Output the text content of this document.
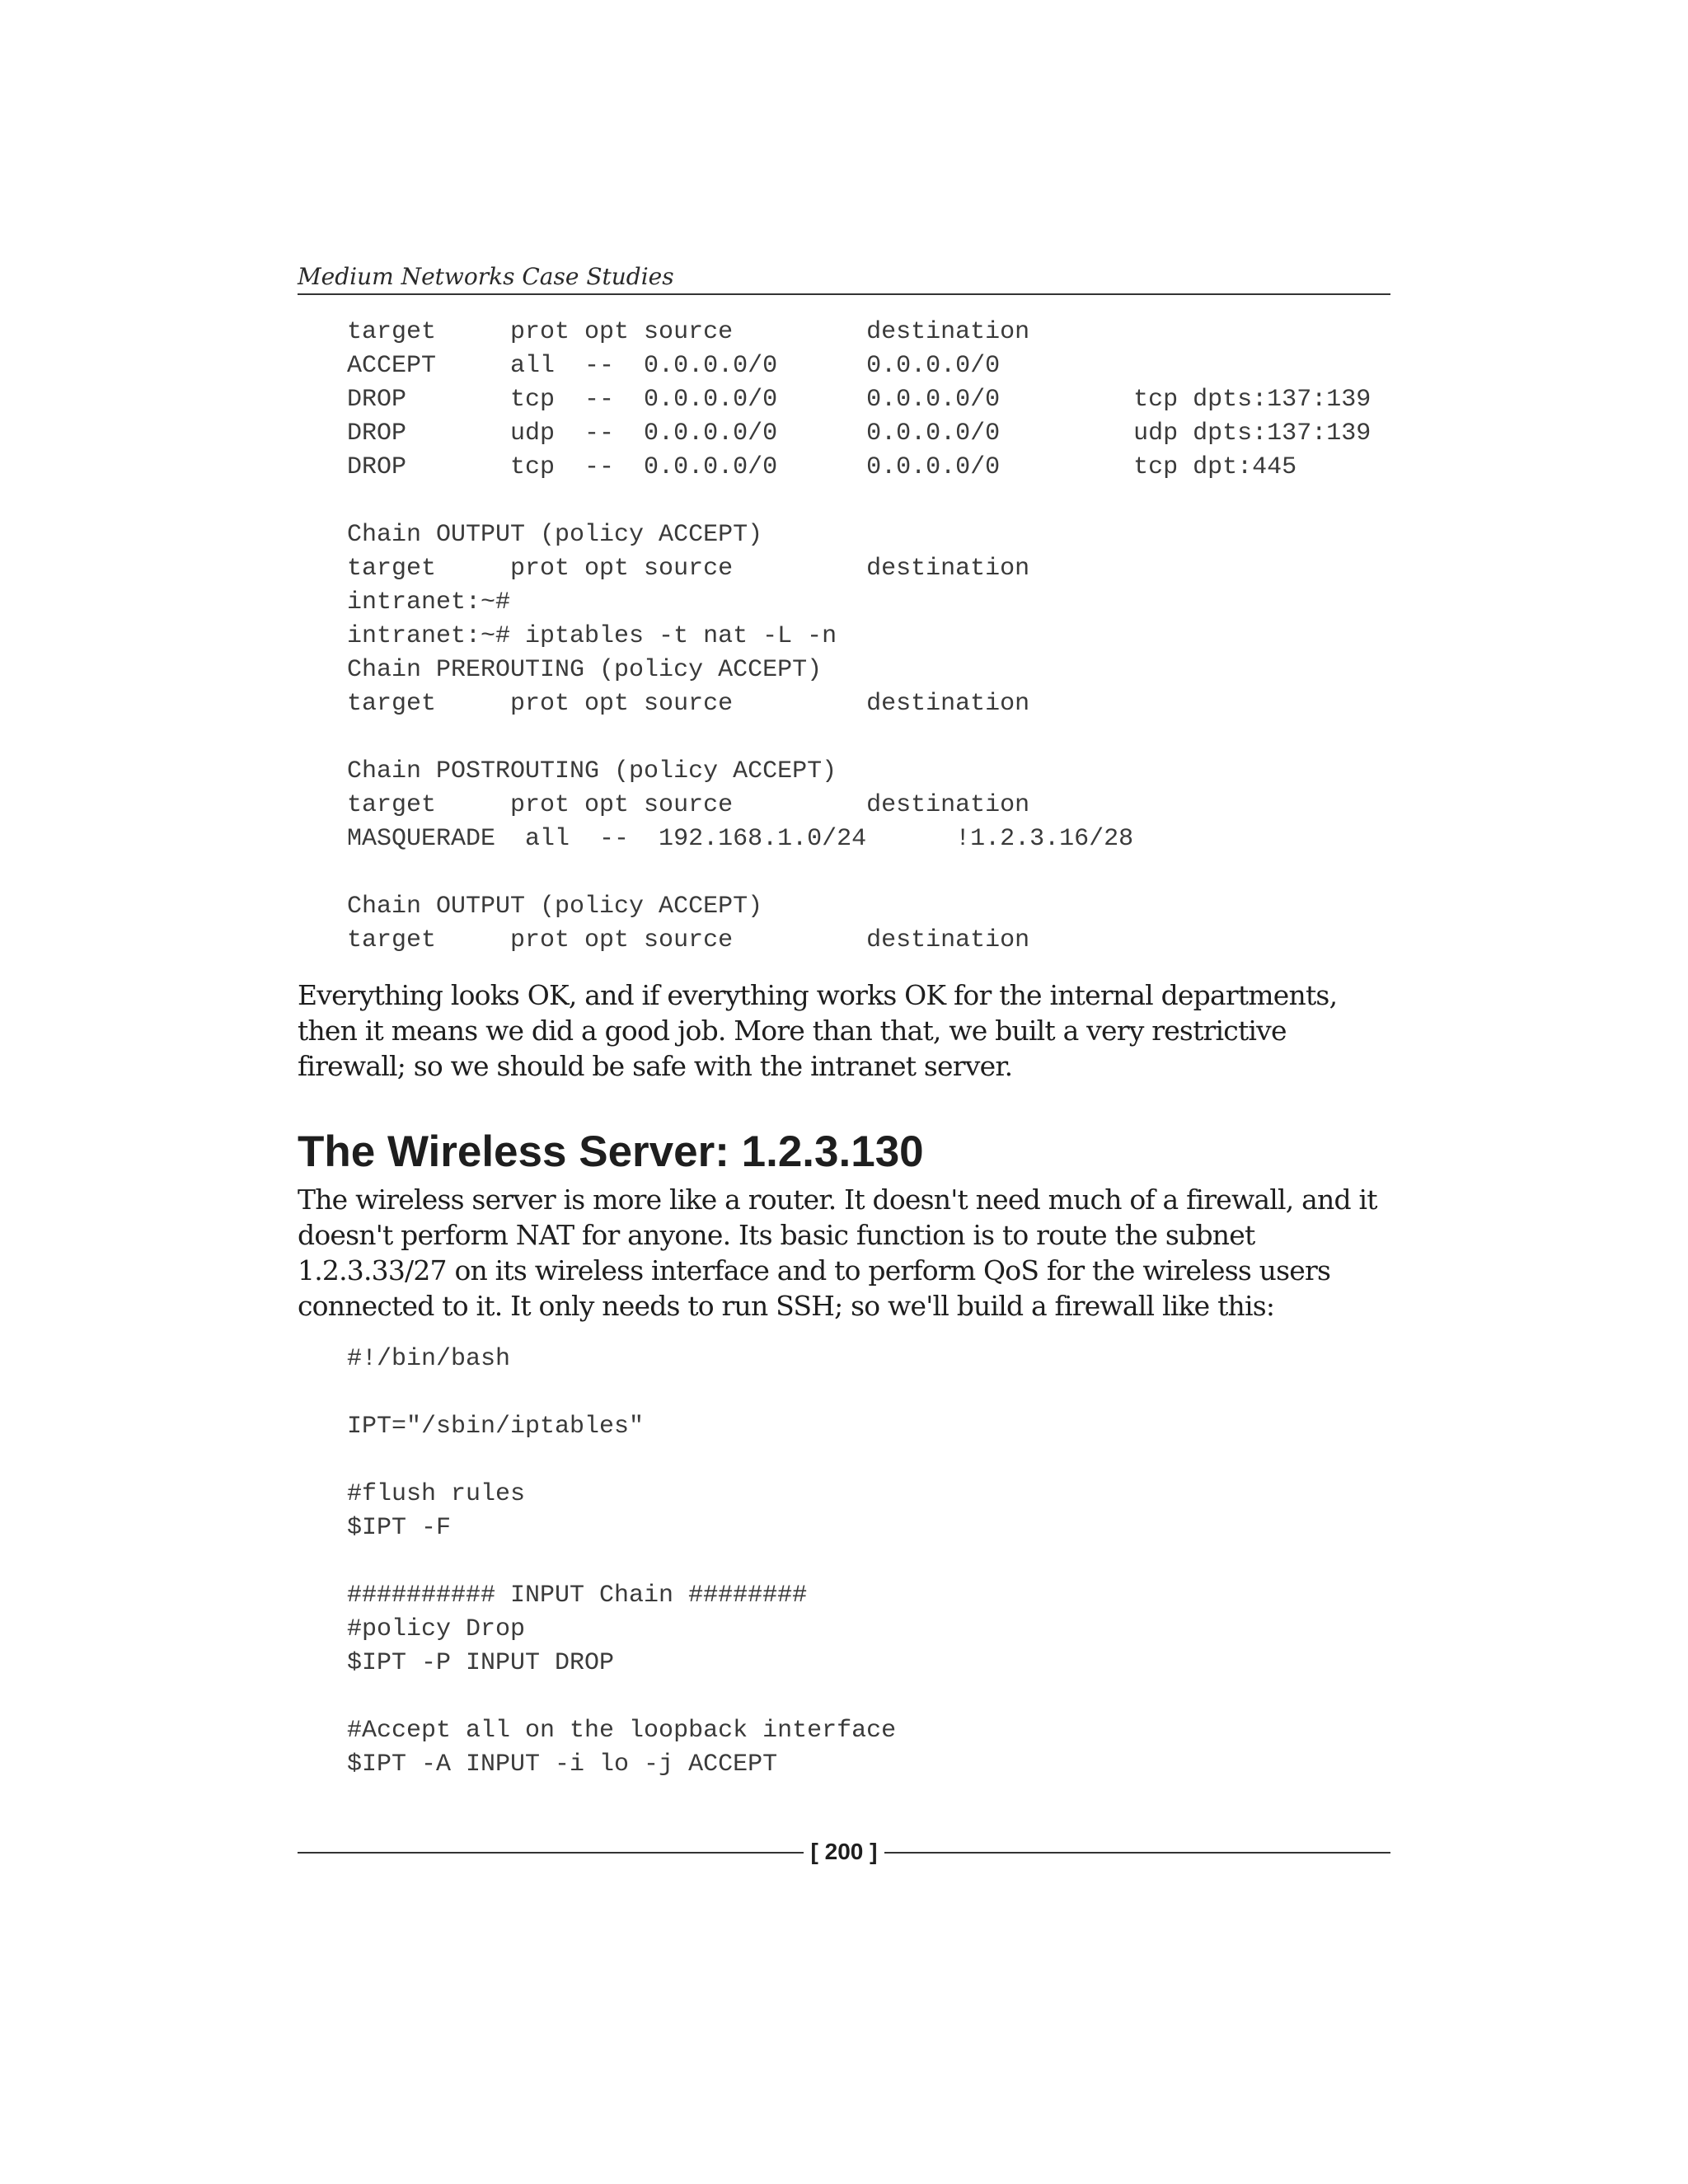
Medium Networks Case Studies
target     prot opt source         destination
ACCEPT     all  --  0.0.0.0/0      0.0.0.0/0
DROP       tcp  --  0.0.0.0/0      0.0.0.0/0         tcp dpts:137:139
DROP       udp  --  0.0.0.0/0      0.0.0.0/0         udp dpts:137:139
DROP       tcp  --  0.0.0.0/0      0.0.0.0/0         tcp dpt:445

Chain OUTPUT (policy ACCEPT)
target     prot opt source         destination
intranet:~#
intranet:~# iptables -t nat -L -n
Chain PREROUTING (policy ACCEPT)
target     prot opt source         destination

Chain POSTROUTING (policy ACCEPT)
target     prot opt source         destination
MASQUERADE  all  --  192.168.1.0/24      !1.2.3.16/28

Chain OUTPUT (policy ACCEPT)
target     prot opt source         destination

Everything looks OK, and if everything works OK for the internal departments, then it means we did a good job. More than that, we built a very restrictive firewall; so we should be safe with the intranet server.

The Wireless Server: 1.2.3.130

The wireless server is more like a router. It doesn't need much of a firewall, and it doesn't perform NAT for anyone. Its basic function is to route the subnet 1.2.3.33/27 on its wireless interface and to perform QoS for the wireless users connected to it. It only needs to run SSH; so we'll build a firewall like this:

#!/bin/bash

IPT="/sbin/iptables"

#flush rules
$IPT -F

########## INPUT Chain ########
#policy Drop
$IPT -P INPUT DROP

#Accept all on the loopback interface
$IPT -A INPUT -i lo -j ACCEPT
[ 200 ]
